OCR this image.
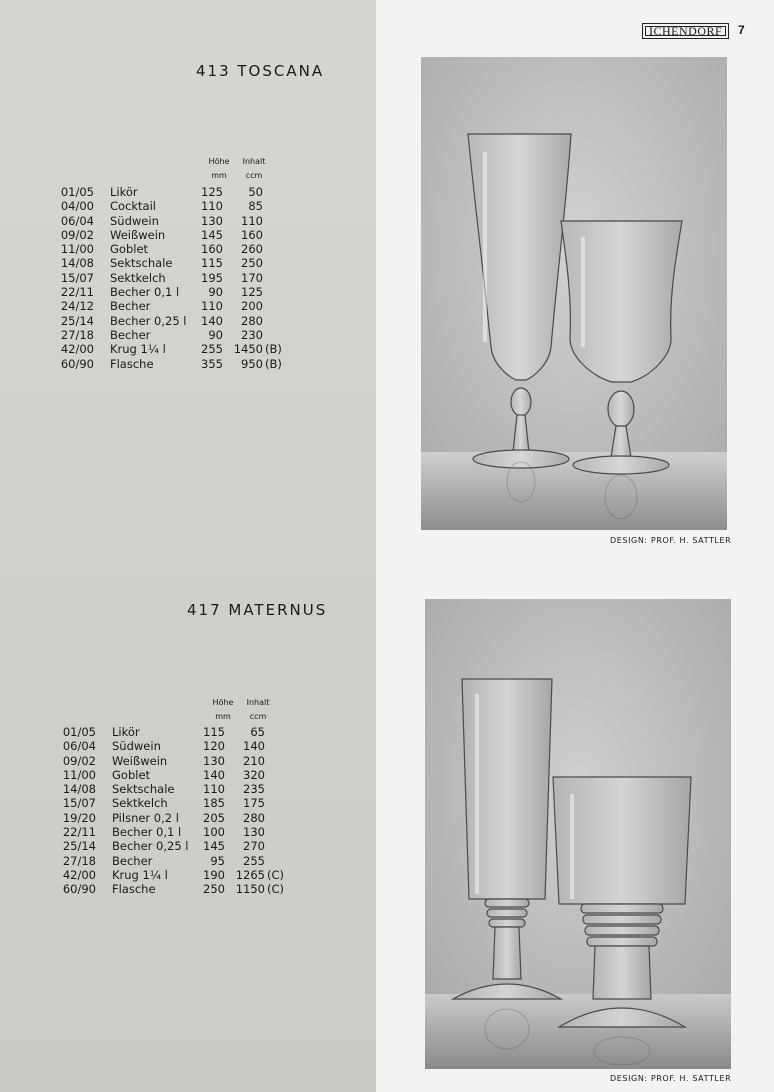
ICHENDORF	7
413 TOSCANA
Höhe
mm
Inhalt
ccm
01/05		Likör	125	50	
04/00		Cocktail	110	85	
06/04		Südwein	130	110	
09/02		Weißwein	145	160	
11/00		Goblet	160	260	
14/08		Sektschale	115	250	
15/07		Sektkelch	195	170	
22/11		Becher 0,1 l	90	125	
24/12		Becher	110	200	
25/14		Becher 0,25 l	140	280	
27/18		Becher	90	230	
42/00		Krug 1¼ l	255	1450	(B)
60/90		Flasche	355	950	(B)
DESIGN: PROF. H. SATTLER
417 MATERNUS
Höhe
mm
Inhalt
ccm
01/05		Likör	115	65	
06/04		Südwein	120	140	
09/02		Weißwein	130	210	
11/00		Goblet	140	320	
14/08		Sektschale	110	235	
15/07		Sektkelch	185	175	
19/20		Pilsner 0,2 l	205	280	
22/11		Becher 0,1 l	100	130	
25/14		Becher 0,25 l	145	270	
27/18		Becher	95	255	
42/00		Krug 1¼ l	190	1265	(C)
60/90		Flasche	250	1150	(C)
DESIGN: PROF. H. SATTLER
